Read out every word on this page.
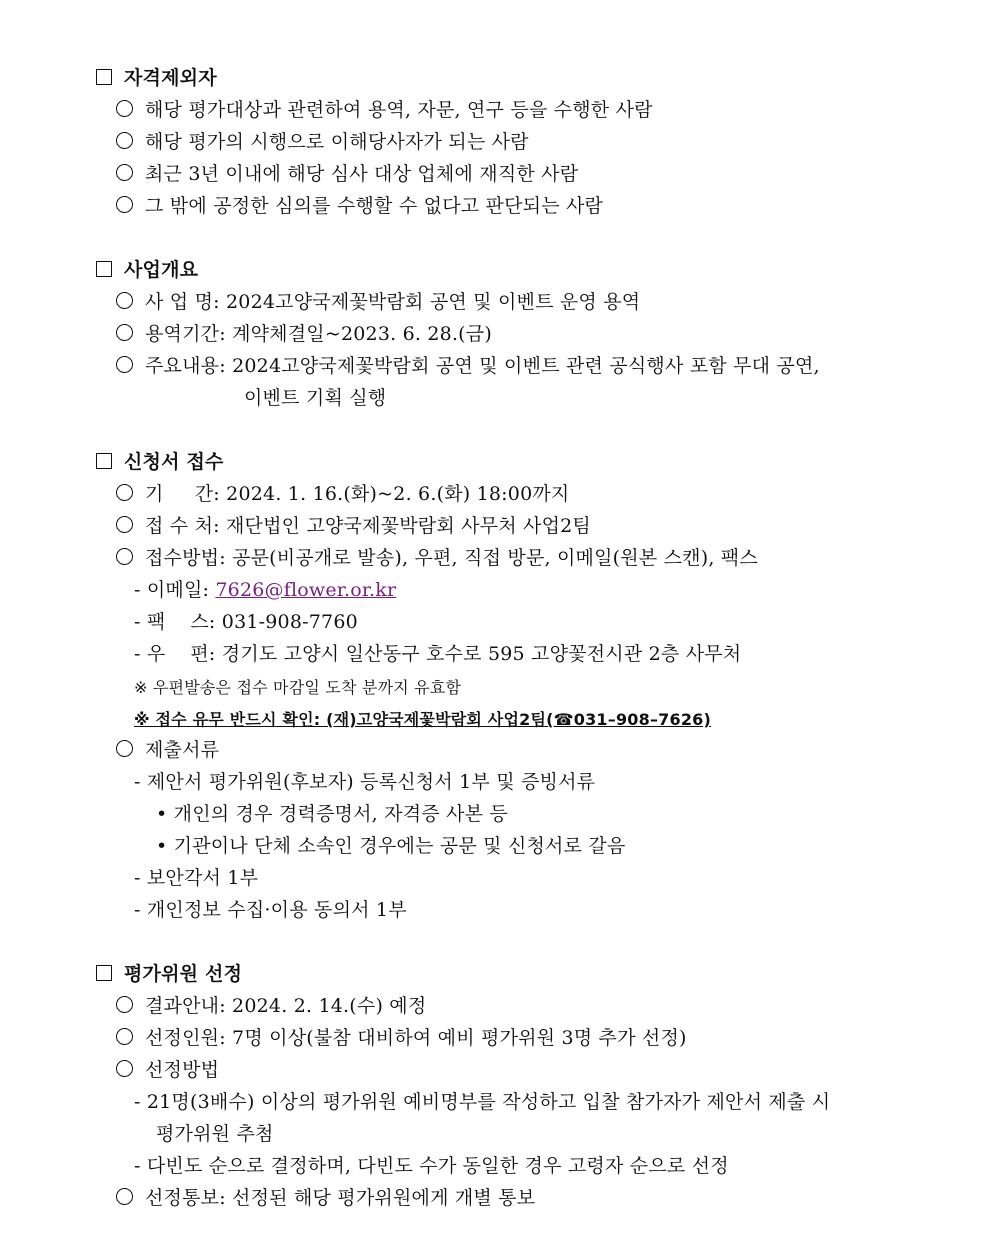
자격제외자
해당 평가대상과 관련하여 용역, 자문, 연구 등을 수행한 사람
해당 평가의 시행으로 이해당사자가 되는 사람
최근 3년 이내에 해당 심사 대상 업체에 재직한 사람
그 밖에 공정한 심의를 수행할 수 없다고 판단되는 사람
사업개요
사 업 명: 2024고양국제꽃박람회 공연 및 이벤트 운영 용역
용역기간: 계약체결일~2023. 6. 28.(금)
주요내용: 2024고양국제꽃박람회 공연 및 이벤트 관련 공식행사 포함 무대 공연,
이벤트 기획 실행
신청서 접수
기     간: 2024. 1. 16.(화)~2. 6.(화) 18:00까지
접 수 처: 재단법인 고양국제꽃박람회 사무처 사업2팀
접수방법: 공문(비공개로 발송), 우편, 직접 방문, 이메일(원본 스캔), 팩스
- 이메일: 7626@flower.or.kr
- 팩    스: 031-908-7760
- 우    편: 경기도 고양시 일산동구 호수로 595 고양꽃전시관 2층 사무처
※ 우편발송은 접수 마감일 도착 분까지 유효함
※ 접수 유무 반드시 확인: (재)고양국제꽃박람회 사업2팀(☎031–908–7626)
제출서류
- 제안서 평가위원(후보자) 등록신청서 1부 및 증빙서류
• 개인의 경우 경력증명서, 자격증 사본 등
• 기관이나 단체 소속인 경우에는 공문 및 신청서로 갈음
- 보안각서 1부
- 개인정보 수집·이용 동의서 1부
평가위원 선정
결과안내: 2024. 2. 14.(수) 예정
선정인원: 7명 이상(불참 대비하여 예비 평가위원 3명 추가 선정)
선정방법
- 21명(3배수) 이상의 평가위원 예비명부를 작성하고 입찰 참가자가 제안서 제출 시
평가위원 추첨
- 다빈도 순으로 결정하며, 다빈도 수가 동일한 경우 고령자 순으로 선정
선정통보: 선정된 해당 평가위원에게 개별 통보
